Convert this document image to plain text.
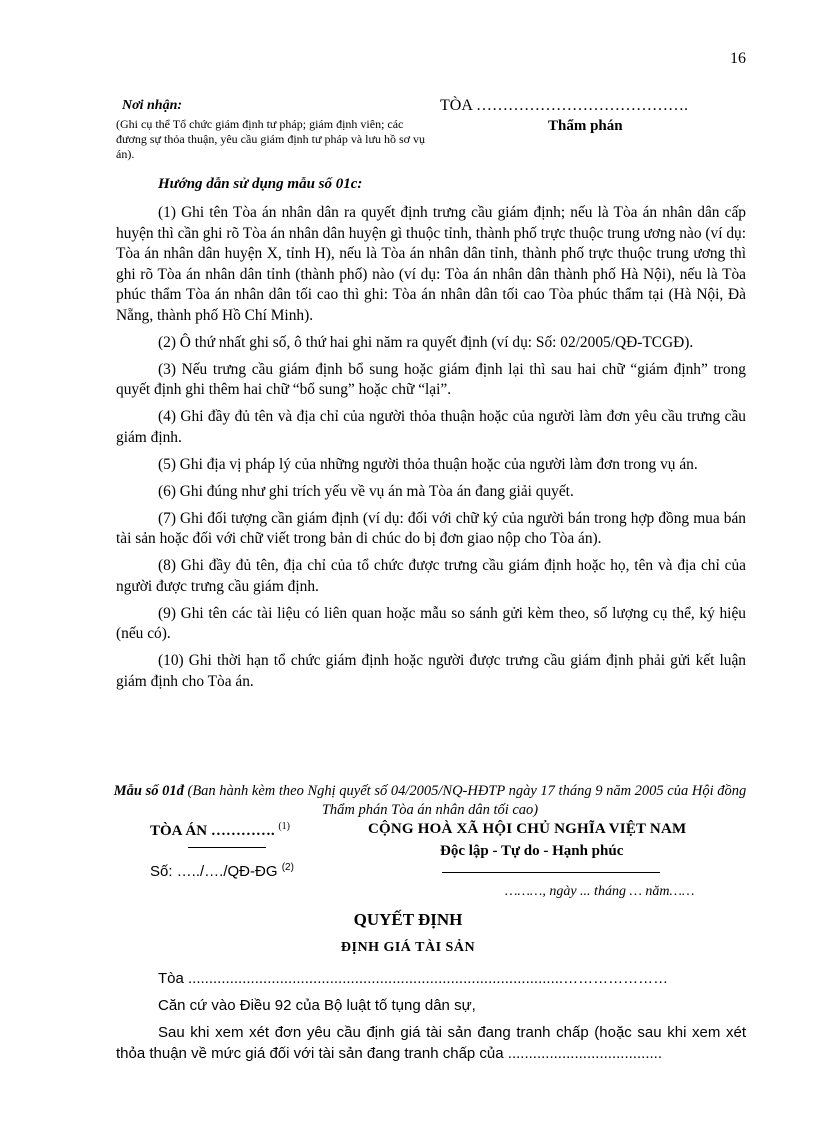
16
Nơi nhận:
(Ghi cụ thể Tổ chức giám định tư pháp; giám định viên; các đương sự thỏa thuận, yêu cầu giám định tư pháp và lưu hồ sơ vụ án).
TÒA ………………………………….
Thẩm phán
Hướng dẫn sử dụng mẫu số 01c:

(1) Ghi tên Tòa án nhân dân ra quyết định trưng cầu giám định; nếu là Tòa án nhân dân cấp huyện thì cần ghi rõ Tòa án nhân dân huyện gì thuộc tỉnh, thành phố trực thuộc trung ương nào (ví dụ: Tòa án nhân dân huyện X, tỉnh H), nếu là Tòa án nhân dân tỉnh, thành phố trực thuộc trung ương thì ghi rõ Tòa án nhân dân tỉnh (thành phố) nào (ví dụ: Tòa án nhân dân thành phố Hà Nội), nếu là Tòa phúc thẩm Tòa án nhân dân tối cao thì ghi: Tòa án nhân dân tối cao Tòa phúc thẩm tại (Hà Nội, Đà Nẵng, thành phố Hồ Chí Minh).

(2) Ô thứ nhất ghi số, ô thứ hai ghi năm ra quyết định (ví dụ: Số: 02/2005/QĐ-TCGĐ).

(3) Nếu trưng cầu giám định bổ sung hoặc giám định lại thì sau hai chữ “giám định” trong quyết định ghi thêm hai chữ “bổ sung” hoặc chữ “lại”.

(4) Ghi đầy đủ tên và địa chỉ của người thỏa thuận hoặc của người làm đơn yêu cầu trưng cầu giám định.

(5) Ghi địa vị pháp lý của những người thỏa thuận hoặc của người làm đơn trong vụ án.

(6) Ghi đúng như ghi trích yếu về vụ án mà Tòa án đang giải quyết.

(7) Ghi đối tượng cần giám định (ví dụ: đối với chữ ký của người bán trong hợp đồng mua bán tài sản hoặc đối với chữ viết trong bản di chúc do bị đơn giao nộp cho Tòa án).

(8) Ghi đầy đủ tên, địa chỉ của tổ chức được trưng cầu giám định hoặc họ, tên và địa chỉ của người được trưng cầu giám định.

(9) Ghi tên các tài liệu có liên quan hoặc mẫu so sánh gửi kèm theo, số lượng cụ thể, ký hiệu (nếu có).

(10) Ghi thời hạn tổ chức giám định hoặc người được trưng cầu giám định phải gửi kết luận giám định cho Tòa án.

Mẫu số 01đ (Ban hành kèm theo Nghị quyết số 04/2005/NQ-HĐTP ngày 17 tháng 9 năm 2005 của Hội đồng Thẩm phán Tòa án nhân dân tối cao)
TÒA ÁN …………. $^{(1)}$
Số: …../…./QĐ-ĐG $^{(2)}$
CỘNG HOÀ XÃ HỘI CHỦ NGHĨA VIỆT NAM
Độc lập - Tự do - Hạnh phúc
………, ngày ... tháng … năm……
QUYẾT ĐỊNH
ĐỊNH GIÁ TÀI SẢN

Tòa ..........................................................................................…………………

Căn cứ vào Điều 92 của Bộ luật tố tụng dân sự,

Sau khi xem xét đơn yêu cầu định giá tài sản đang tranh chấp (hoặc sau khi xem xét thỏa thuận về mức giá đối với tài sản đang tranh chấp của .....................................
